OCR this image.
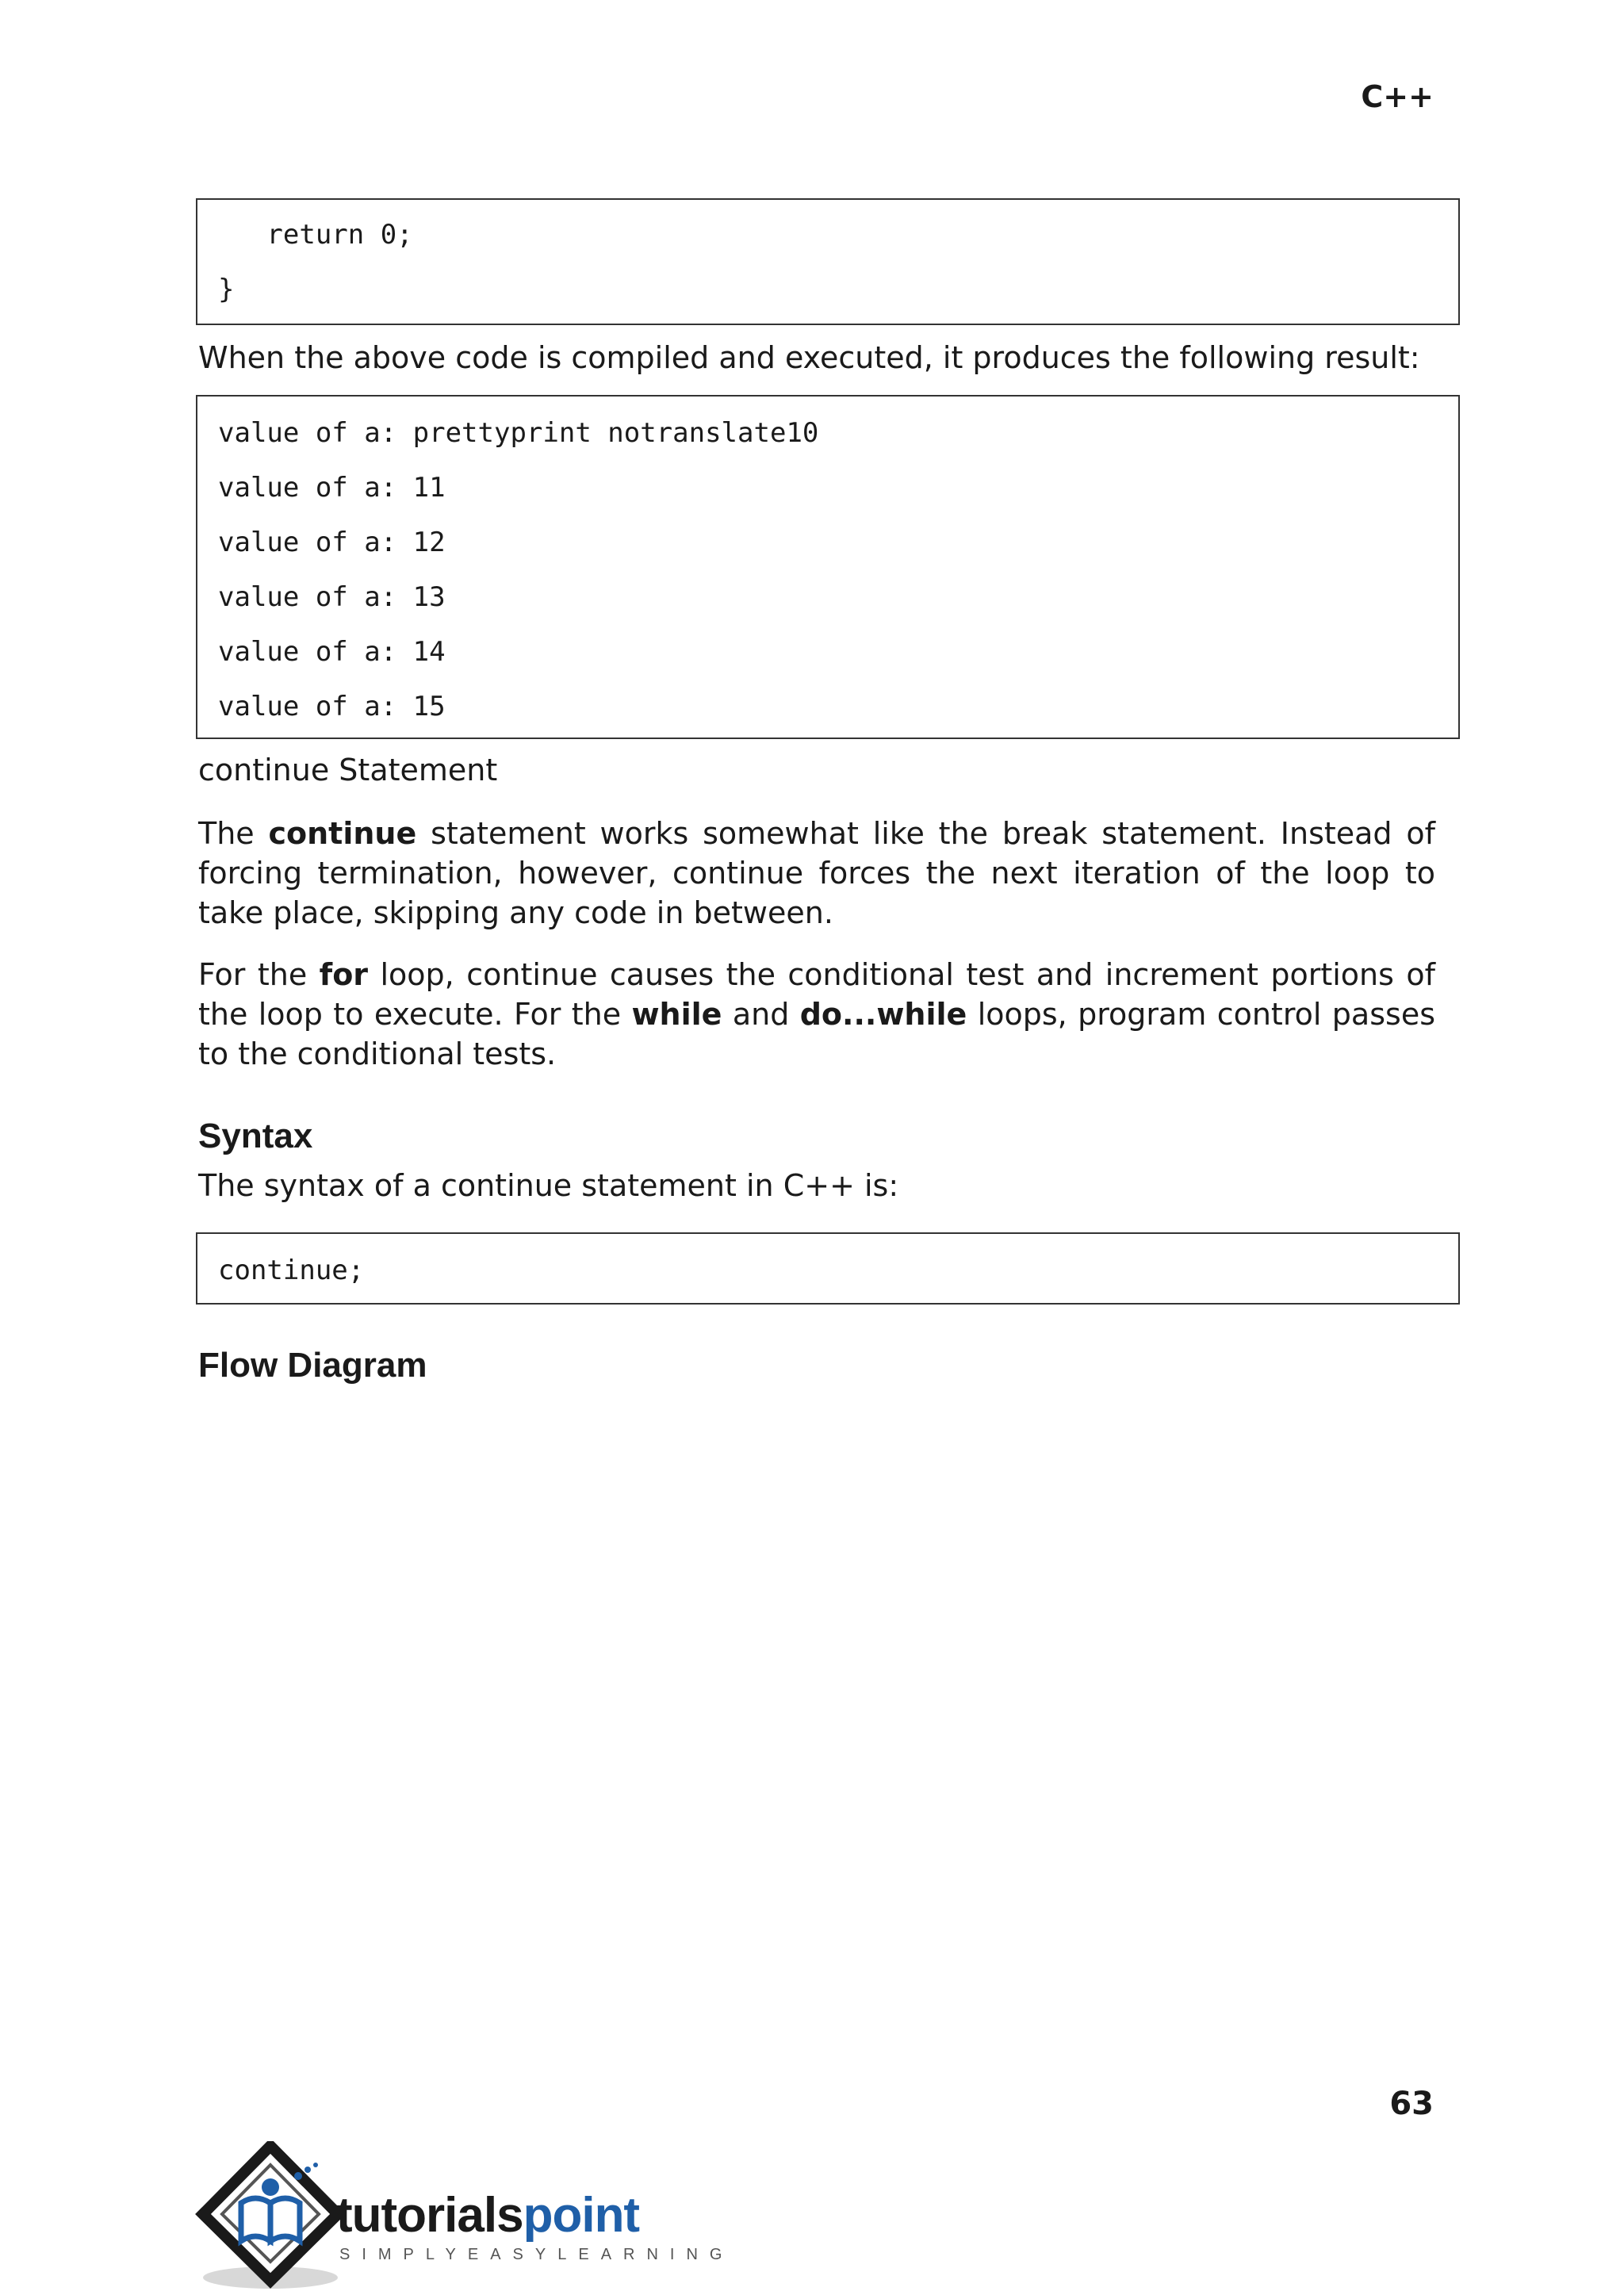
C++
return 0;
}

When the above code is compiled and executed, it produces the following result:

value of a: prettyprint notranslate10
value of a: 11
value of a: 12
value of a: 13
value of a: 14
value of a: 15
continue Statement

The continue statement works somewhat like the break statement. Instead of forcing termination, however, continue forces the next iteration of the loop to take place, skipping any code in between.

For the for loop, continue causes the conditional test and increment portions of the loop to execute. For the while and do...while loops, program control passes to the conditional tests.

Syntax

The syntax of a continue statement in C++ is:

continue;
Flow Diagram
63
tutorialspoint
SIMPLYEASYLEARNING
